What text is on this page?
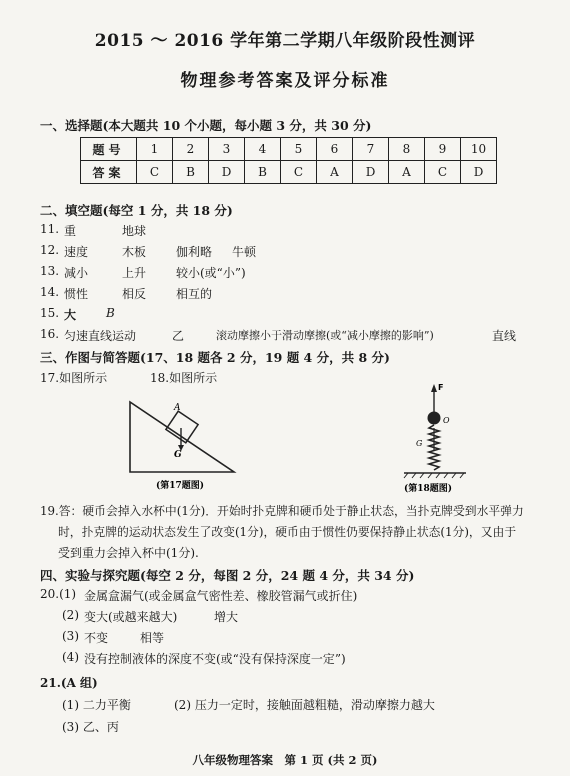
2015 ～ 2016 学年第二学期八年级阶段性测评
物理参考答案及评分标准
一、选择题(本大题共 10 个小题，每小题 3 分，共 30 分)
题号	1	2	3	4	5	6	7	8	9	10
答案	C	B	D	B	C	A	D	A	C	D
二、填空题(每空 1 分，共 18 分)
11. 重	地球
12. 速度	木板 伽利略 牛顿
13. 减小	上升 较小(或“小”)
14. 惯性	相反 相互的
15. 大 B
16. 匀速直线运动	乙	滚动摩擦小于滑动摩擦(或“减小摩擦的影响”)	直线
三、作图与简答题(17、18 题各 2 分，19 题 4 分，共 8 分)
17.如图所示	18.如图所示
A
G
(第17题图)
F
O
G
(第18题图)
19.答：硬币会掉入水杯中(1分)．开始时扑克牌和硬币处于静止状态，当扑克牌受到水平弹力
时，扑克牌的运动状态发生了改变(1分)，硬币由于惯性仍要保持静止状态(1分)，又由于
受到重力会掉入杯中(1分).
四、实验与探究题(每空 2 分，每图 2 分，24 题 4 分，共 34 分)
20.(1) 金属盒漏气(或金属盒气密性差、橡胶管漏气或折住)
(2) 变大(或越来越大)	增大
(3) 不变	相等
(4) 没有控制液体的深度不变(或“没有保持深度一定”)
21.(A 组)
(1) 二力平衡	(2) 压力一定时，接触面越粗糙，滑动摩擦力越大
(3) 乙、丙
八年级物理答案　第 1 页 (共 2 页)
